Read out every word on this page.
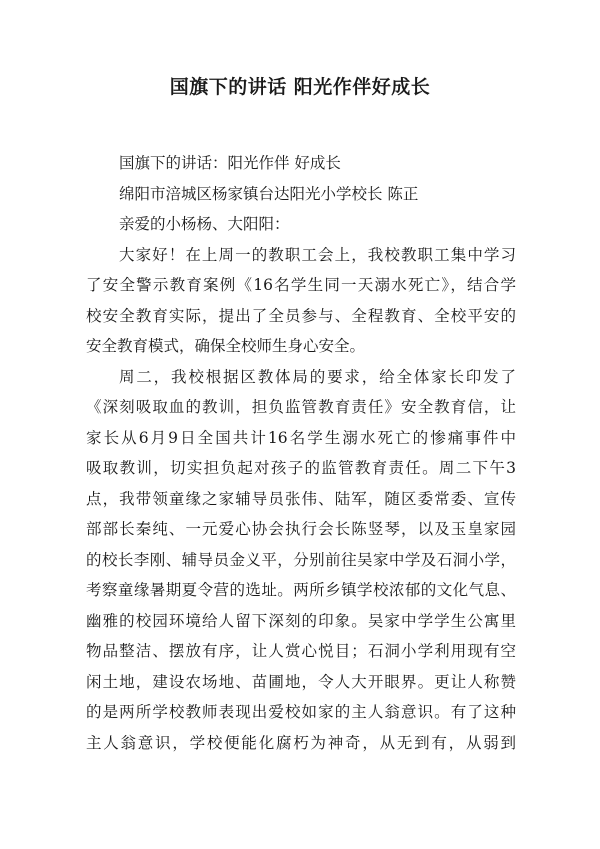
国旗下的讲话 阳光作伴好成长
国旗下的讲话：阳光作伴 好成长
绵阳市涪城区杨家镇台达阳光小学校长 陈正
亲爱的小杨杨、大阳阳：
大家好！在上周一的教职工会上，我校教职工集中学习
了安全警示教育案例《16名学生同一天溺水死亡》，结合学
校安全教育实际，提出了全员参与、全程教育、全校平安的
安全教育模式，确保全校师生身心安全。
周二，我校根据区教体局的要求，给全体家长印发了
《深刻吸取血的教训，担负监管教育责任》安全教育信，让
家长从6月9日全国共计16名学生溺水死亡的惨痛事件中
吸取教训，切实担负起对孩子的监管教育责任。周二下午3
点，我带领童缘之家辅导员张伟、陆军，随区委常委、宣传
部部长秦纯、一元爱心协会执行会长陈竖琴，以及玉皇家园
的校长李刚、辅导员金义平，分别前往吴家中学及石洞小学，
考察童缘暑期夏令营的选址。两所乡镇学校浓郁的文化气息、
幽雅的校园环境给人留下深刻的印象。吴家中学学生公寓里
物品整洁、摆放有序，让人赏心悦目；石洞小学利用现有空
闲土地，建设农场地、苗圃地，令人大开眼界。更让人称赞
的是两所学校教师表现出爱校如家的主人翁意识。有了这种
主人翁意识，学校便能化腐朽为神奇，从无到有，从弱到
